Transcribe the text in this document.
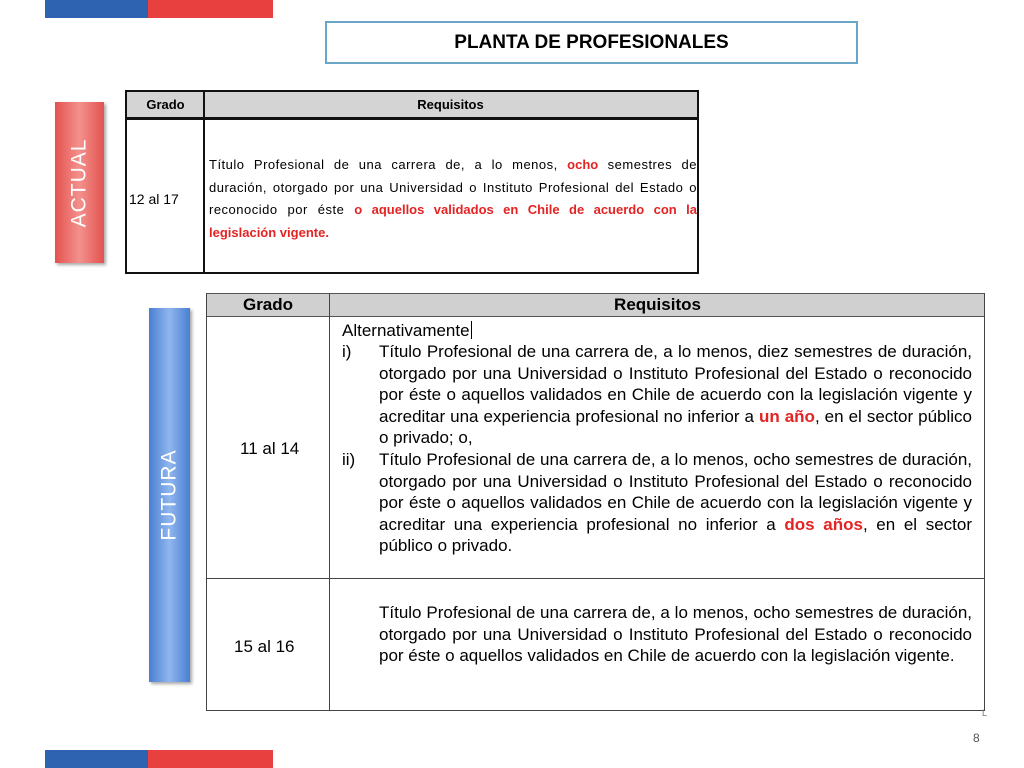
PLANTA DE PROFESIONALES
ACTUAL
Grado	Requisitos
12 al 17
Título Profesional de una carrera de, a lo menos, ocho semestres de duración, otorgado por una Universidad o Instituto Profesional del Estado o reconocido por éste o aquellos validados en Chile de acuerdo con la legislación vigente.
FUTURA
Grado	Requisitos
11 al 14
Alternativamente
i) Título Profesional de una carrera de, a lo menos, diez semestres de duración, otorgado por una Universidad o Instituto Profesional del Estado o reconocido por éste o aquellos validados en Chile de acuerdo con la legislación vigente y acreditar una experiencia profesional no inferior a un año, en el sector público o privado; o,
ii) Título Profesional de una carrera de, a lo menos, ocho semestres de duración, otorgado por una Universidad o Instituto Profesional del Estado o reconocido por éste o aquellos validados en Chile de acuerdo con la legislación vigente y acreditar una experiencia profesional no inferior a dos años, en el sector público o privado.
15 al 16
Título Profesional de una carrera de, a lo menos, ocho semestres de duración, otorgado por una Universidad o Instituto Profesional del Estado o reconocido por éste o aquellos validados en Chile de acuerdo con la legislación vigente.
L
8
